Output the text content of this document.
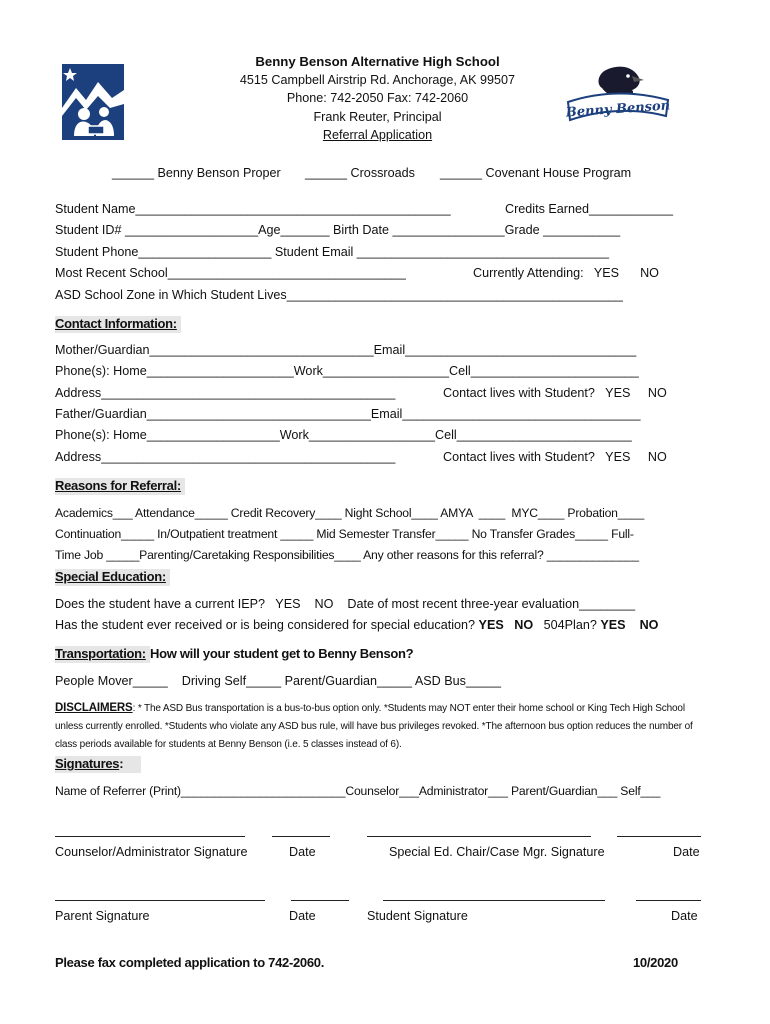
Benny Benson Alternative High School
4515 Campbell Airstrip Rd. Anchorage, AK 99507
Phone: 742-2050 Fax: 742-2060
Frank Reuter, Principal
Referral Application
Benny Benson
______ Benny Benson Proper ______ Crossroads ______ Covenant House Program
Student Name_____________________________________________	Credits Earned____________
Student ID# ___________________Age_______ Birth Date ________________Grade ___________
Student Phone___________________ Student Email ____________________________________
Most Recent School__________________________________	Currently Attending:   YES      NO
ASD School Zone in Which Student Lives________________________________________________
Contact Information:
Mother/Guardian________________________________Email_________________________________
Phone(s): Home_____________________Work__________________Cell________________________
Address__________________________________________	Contact lives with Student?   YES     NO
Father/Guardian________________________________Email__________________________________
Phone(s): Home___________________Work__________________Cell_________________________
Address__________________________________________	Contact lives with Student?   YES     NO
Reasons for Referral:
Academics___ Attendance_____ Credit Recovery____ Night School____ AMYA  ____  MYC____ Probation____
Continuation_____ In/Outpatient treatment _____ Mid Semester Transfer_____ No Transfer Grades_____ Full-
Time Job _____Parenting/Caretaking Responsibilities____ Any other reasons for this referral? ______________
Special Education:
Does the student have a current IEP?   YES    NO    Date of most recent three-year evaluation________
Has the student ever received or is being considered for special education? YES NO 504Plan? YES NO
Transportation: How will your student get to Benny Benson?
People Mover_____    Driving Self_____ Parent/Guardian_____ ASD Bus_____
DISCLAIMERS: * The ASD Bus transportation is a bus-to-bus option only. *Students may NOT enter their home school or King Tech High School unless currently enrolled. *Students who violate any ASD bus rule, will have bus privileges revoked. *The afternoon bus option reduces the number of class periods available for students at Benny Benson (i.e. 5 classes instead of 6).
Signatures:
Name of Referrer (Print)_________________________Counselor___Administrator___ Parent/Guardian___ Self___
Counselor/Administrator Signature	Date	Special Ed. Chair/Case Mgr. Signature	Date
Parent Signature	Date	Student Signature	Date
Please fax completed application to 742-2060.	10/2020
